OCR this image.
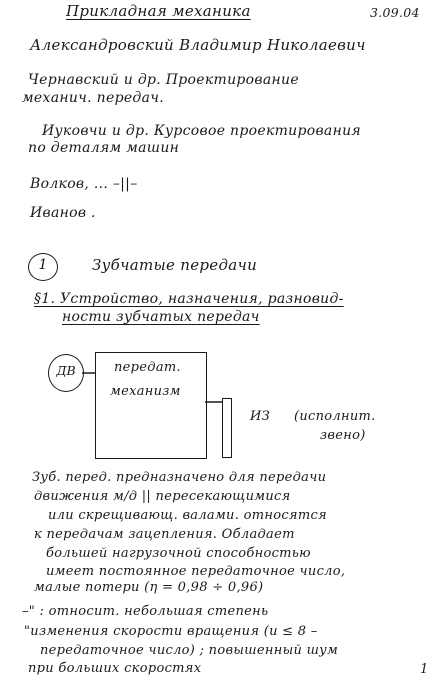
Прикладная механика	3.09.04
Александровский Владимир Николаевич
Чернавский и др. Проектирование
механич. передач.
Иуковчи и др. Курсовое проектирования
по деталям машин
Волков, ... –||–
Иванов .
1	Зубчатые передачи
§1. Устройство, назначения, разновид-
ности зубчатых передач
ДВ	передат.
механизм
ИЗ (исполнит.
звено)
Зуб. перед. предназначено для передачи
движения м/д || пересекающимися
или скрещивающ. валами. относятся
к передачам зацепления. Обладает
большей нагрузочной способностью
имеет постоянное передаточное число,
малые потери (η = 0,98 ÷ 0,96)
–" : относит. небольшая степень
"изменения скорости вращения (u ≤ 8 –
передаточное число) ; повышенный шум
при больших скоростях	1
